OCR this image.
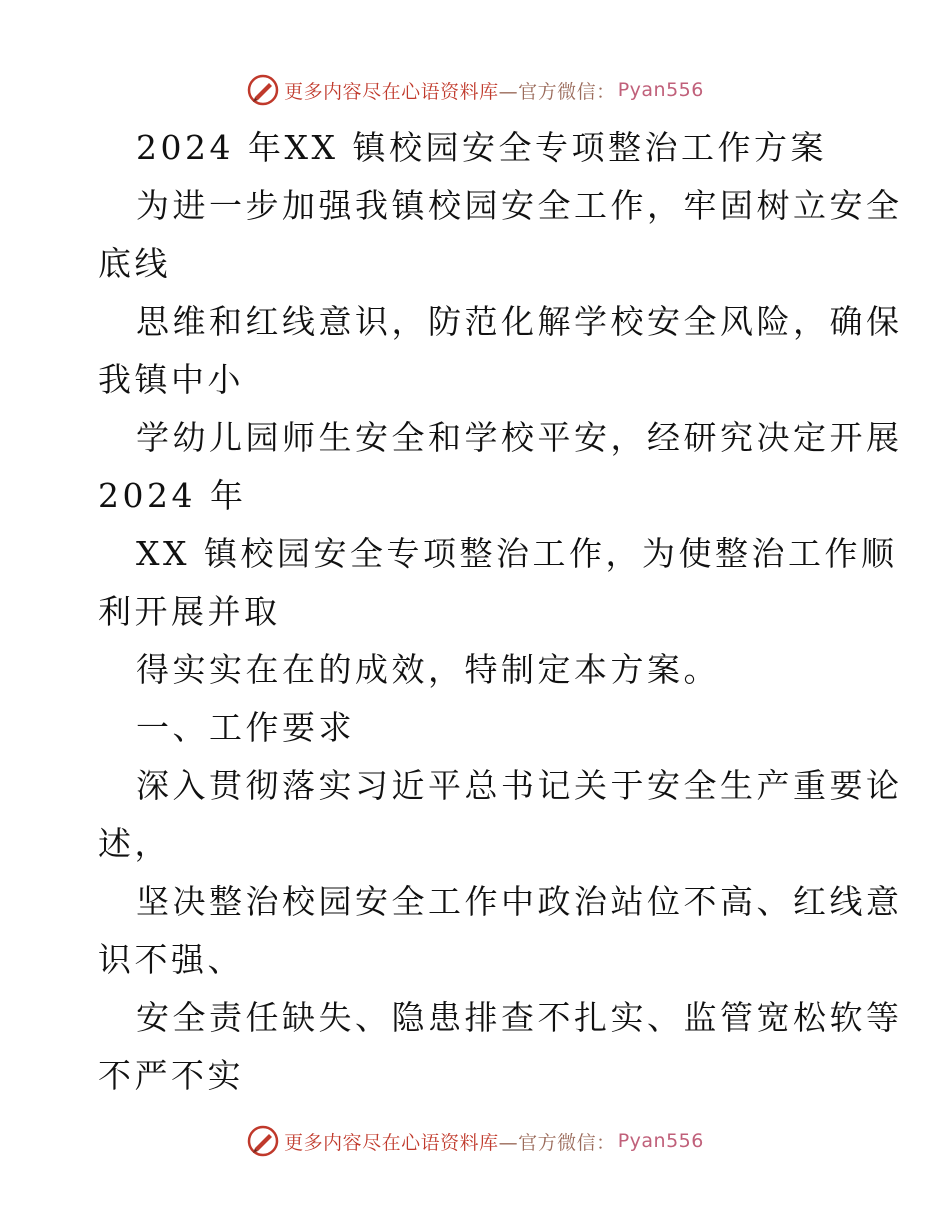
更多内容尽在心语资料库 —官方微信： Pyan556
2024 年XX 镇校园安全专项整治工作方案
为进一步加强我镇校园安全工作，牢固树立安全
底线
思维和红线意识，防范化解学校安全风险，确保
我镇中小
学幼儿园师生安全和学校平安，经研究决定开展
2024 年
XX 镇校园安全专项整治工作，为使整治工作顺
利开展并取
得实实在在的成效，特制定本方案。
一、工作要求
深入贯彻落实习近平总书记关于安全生产重要论
述，
坚决整治校园安全工作中政治站位不高、红线意
识不强、
安全责任缺失、隐患排查不扎实、监管宽松软等
不严不实
更多内容尽在心语资料库 —官方微信： Pyan556
